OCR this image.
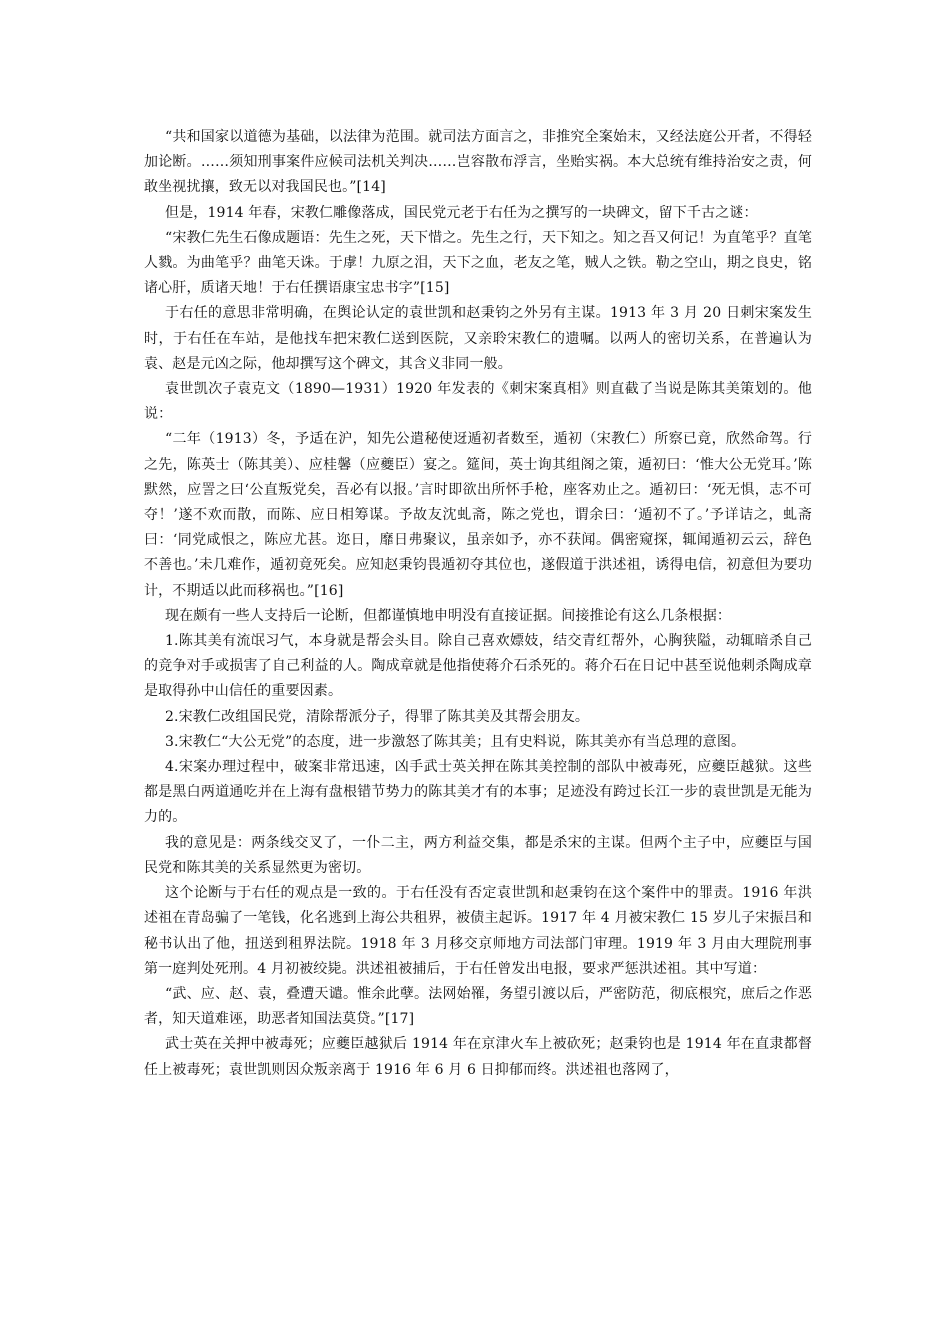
“共和国家以道德为基础，以法律为范围。就司法方面言之，非推究全案始末，又经法庭公开者，不得轻加论断。……须知刑事案件应候司法机关判决……岂容散布浮言，坐贻实祸。本大总统有维持治安之责，何敢坐视扰攘，致无以对我国民也。”[14]

但是，1914 年春，宋教仁雕像落成，国民党元老于右任为之撰写的一块碑文，留下千古之谜：

“宋教仁先生石像成题语：先生之死，天下惜之。先生之行，天下知之。知之吾又何记！为直笔乎？直笔人戮。为曲笔乎？曲笔天诛。于虖！九原之泪，天下之血，老友之笔，贼人之铁。勒之空山，期之良史，铭诸心肝，质诸天地！于右任撰语康宝忠书字”[15]

于右任的意思非常明确，在舆论认定的袁世凯和赵秉钧之外另有主谋。1913 年 3 月 20 日刺宋案发生时，于右任在车站，是他找车把宋教仁送到医院，又亲聆宋教仁的遗嘱。以两人的密切关系，在普遍认为袁、赵是元凶之际，他却撰写这个碑文，其含义非同一般。

袁世凯次子袁克文（1890—1931）1920 年发表的《刺宋案真相》则直截了当说是陈其美策划的。他说：

“二年（1913）冬，予适在沪，知先公遣秘使迓遁初者数至，遁初（宋教仁）所察已竟，欣然命驾。行之先，陈英士（陈其美）、应桂馨（应夔臣）宴之。筵间，英士询其组阁之策，遁初曰：‘惟大公无党耳。’陈默然，应詈之曰‘公直叛党矣，吾必有以报。’言时即欲出所怀手枪，座客劝止之。遁初曰：‘死无惧，志不可夺！’遂不欢而散，而陈、应日相筹谋。予故友沈虬斋，陈之党也，谓余曰：‘遁初不了。’予详诘之，虬斋曰：‘同党咸恨之，陈应尤甚。迩日，靡日弗聚议，虽亲如予，亦不获闻。偶密窥探，辄闻遁初云云，辞色不善也。’未几难作，遁初竟死矣。应知赵秉钧畏遁初夺其位也，遂假道于洪述祖，诱得电信，初意但为要功计，不期适以此而移祸也。”[16]

现在颇有一些人支持后一论断，但都谨慎地申明没有直接证据。间接推论有这么几条根据：

1.陈其美有流氓习气，本身就是帮会头目。除自己喜欢嫖妓，结交青红帮外，心胸狭隘，动辄暗杀自己的竞争对手或损害了自己利益的人。陶成章就是他指使蒋介石杀死的。蒋介石在日记中甚至说他刺杀陶成章是取得孙中山信任的重要因素。

2.宋教仁改组国民党，清除帮派分子，得罪了陈其美及其帮会朋友。

3.宋教仁“大公无党”的态度，进一步激怒了陈其美；且有史料说，陈其美亦有当总理的意图。

4.宋案办理过程中，破案非常迅速，凶手武士英关押在陈其美控制的部队中被毒死，应夔臣越狱。这些都是黑白两道通吃并在上海有盘根错节势力的陈其美才有的本事；足迹没有跨过长江一步的袁世凯是无能为力的。

我的意见是：两条线交叉了，一仆二主，两方利益交集，都是杀宋的主谋。但两个主子中，应夔臣与国民党和陈其美的关系显然更为密切。

这个论断与于右任的观点是一致的。于右任没有否定袁世凯和赵秉钧在这个案件中的罪责。1916 年洪述祖在青岛骗了一笔钱，化名逃到上海公共租界，被债主起诉。1917 年 4 月被宋教仁 15 岁儿子宋振吕和秘书认出了他，扭送到租界法院。1918 年 3 月移交京师地方司法部门审理。1919 年 3 月由大理院刑事第一庭判处死刑。4 月初被绞毙。洪述祖被捕后，于右任曾发出电报，要求严惩洪述祖。其中写道：

“武、应、赵、袁，叠遭天谴。惟余此孽。法网始罹，务望引渡以后，严密防范，彻底根究，庶后之作恶者，知天道难诬，助恶者知国法莫贷。”[17]

武士英在关押中被毒死；应夔臣越狱后 1914 年在京津火车上被砍死；赵秉钧也是 1914 年在直隶都督任上被毒死；袁世凯则因众叛亲离于 1916 年 6 月 6 日抑郁而终。洪述祖也落网了，
